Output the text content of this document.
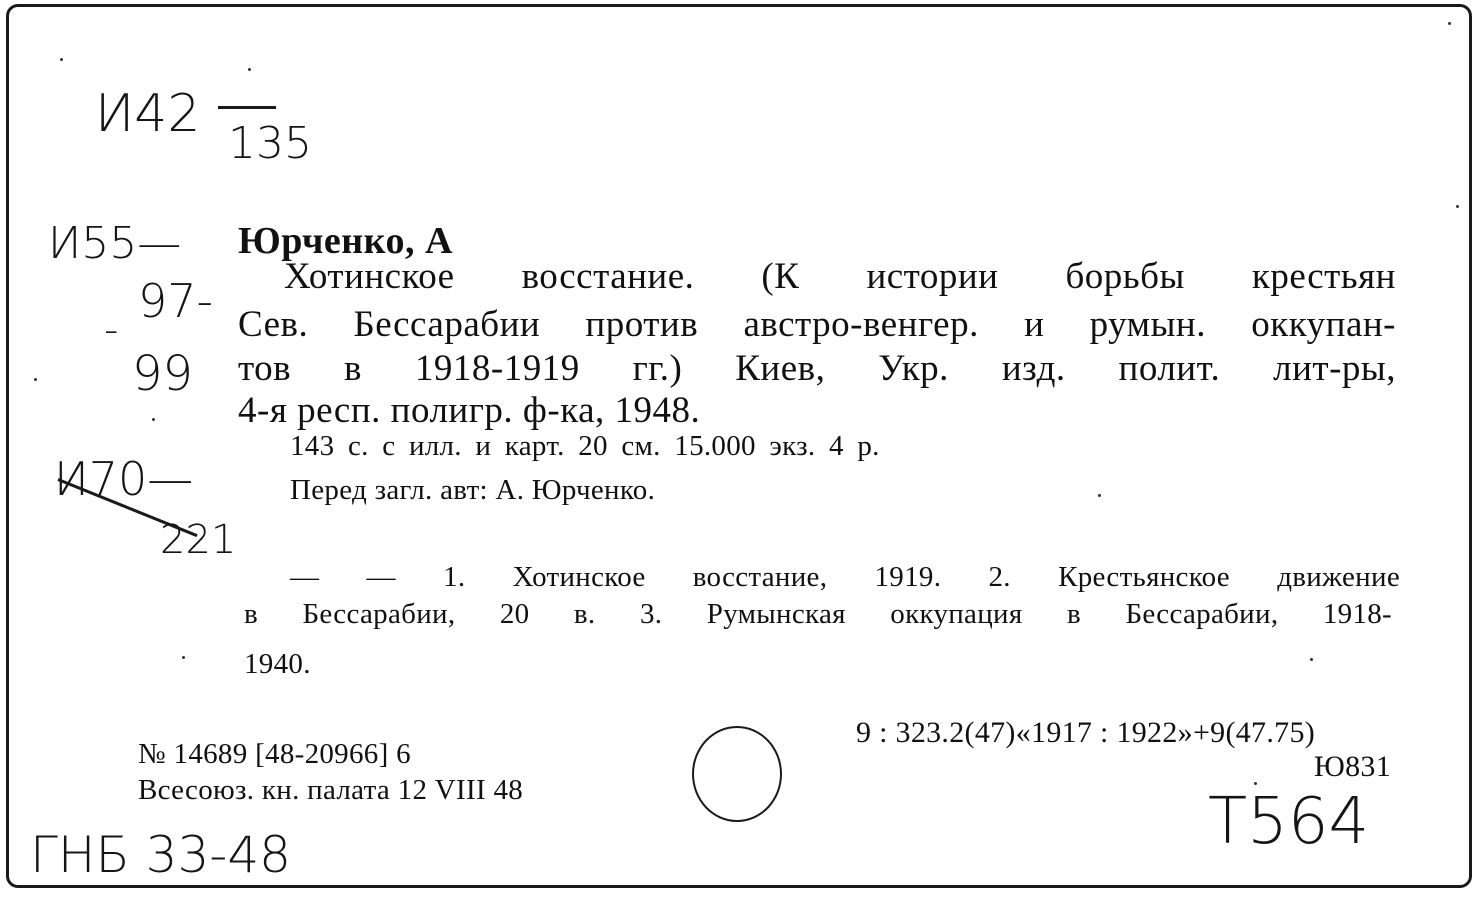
И42 135
И55—
97-
-
99
И70—
221
Юрченко, А
Хотинское восстание. (К истории борьбы крестьян
Сев. Бессарабии против австро-венгер. и румын. оккупан-
тов в 1918-1919 гг.) Киев, Укр. изд. полит. лит-ры,
4-я респ. полигр. ф-ка, 1948.
143 с. с илл. и карт. 20 см. 15.000 экз. 4 р.
Перед загл. авт: А. Юрченко.
— — 1. Хотинское восстание, 1919. 2. Крестьянское движение
в Бессарабии, 20 в. 3. Румынская оккупация в Бессарабии, 1918-
1940.
№ 14689 [48-20966] 6
Всесоюз. кн. палата 12 VIII 48
9 : 323.2(47)«1917 : 1922»+9(47.75)
Ю831
ГНБ 33-48	Т564
